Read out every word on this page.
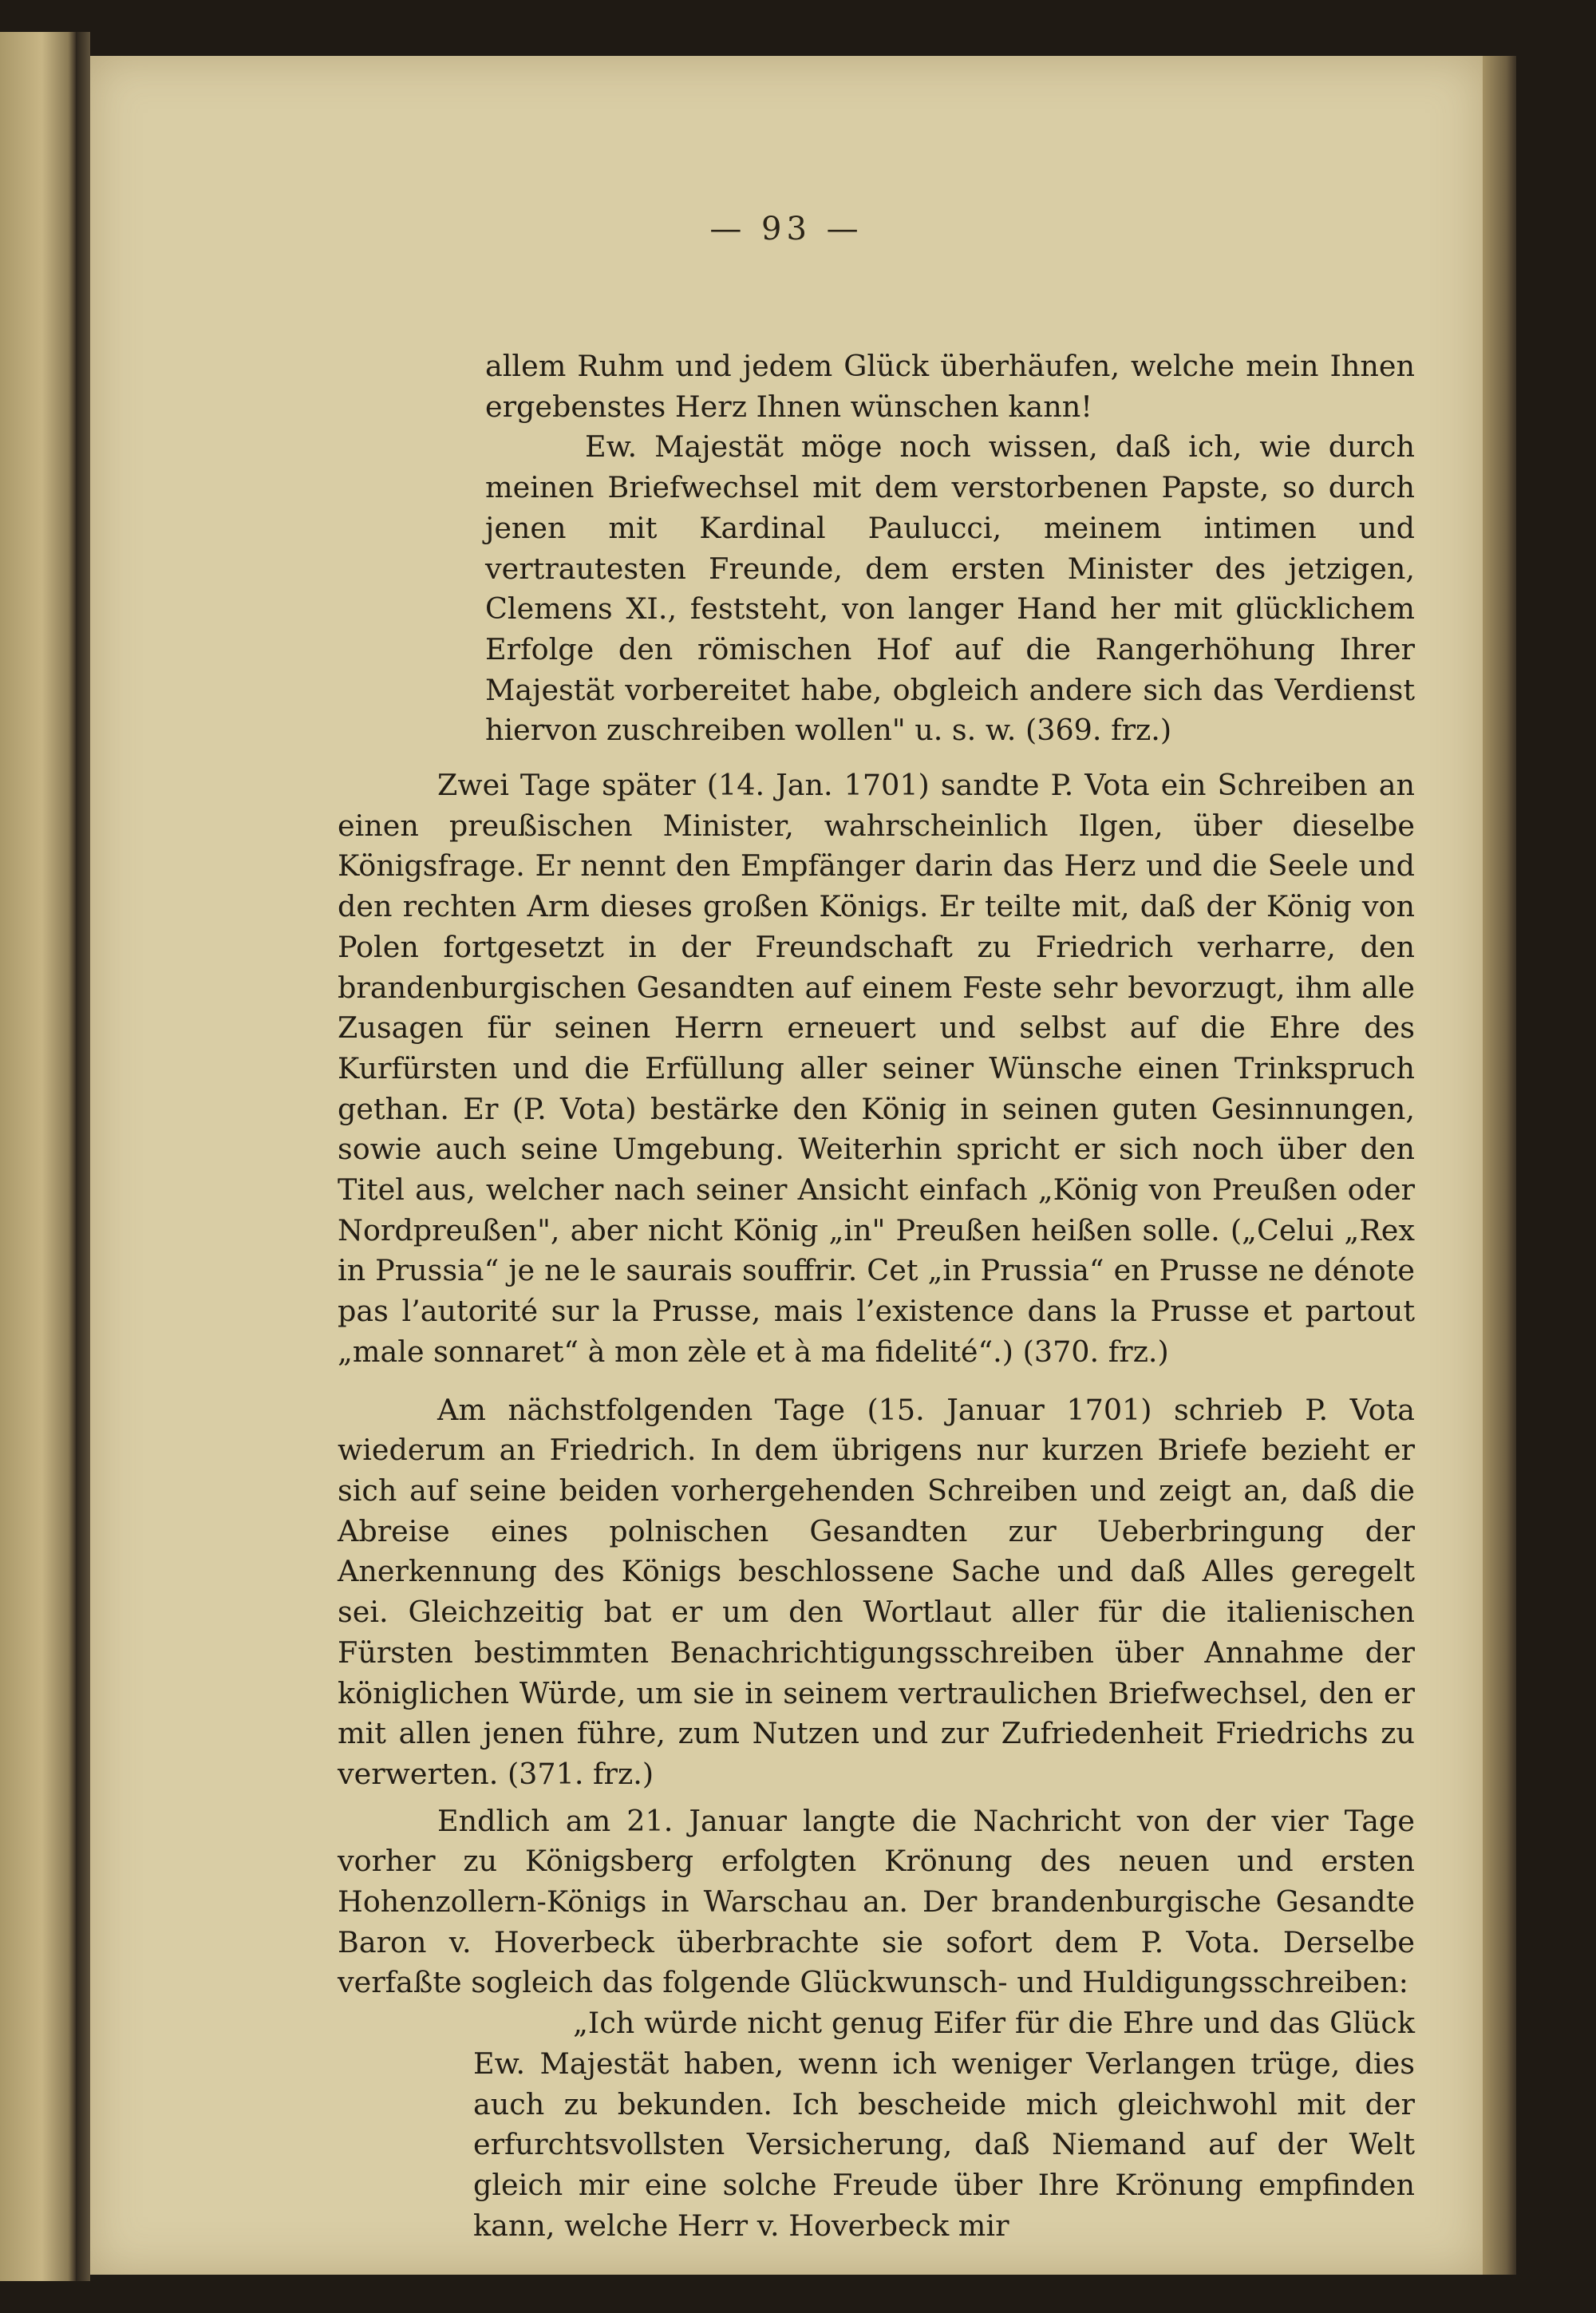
— 93 —

allem Ruhm und jedem Glück überhäufen, welche mein Ihnen ergebenstes Herz Ihnen wünschen kann!

Ew. Majestät möge noch wissen, daß ich, wie durch meinen Briefwechsel mit dem verstorbenen Papste, so durch jenen mit Kardinal Paulucci, meinem intimen und vertrautesten Freunde, dem ersten Minister des jetzigen, Clemens XI., feststeht, von langer Hand her mit glücklichem Erfolge den römischen Hof auf die Rangerhöhung Ihrer Majestät vorbereitet habe, obgleich andere sich das Verdienst hiervon zuschreiben wollen" u. s. w. (369. frz.)

Zwei Tage später (14. Jan. 1701) sandte P. Vota ein Schreiben an einen preußischen Minister, wahrscheinlich Ilgen, über dieselbe Königsfrage. Er nennt den Empfänger darin das Herz und die Seele und den rechten Arm dieses großen Königs. Er teilte mit, daß der König von Polen fortgesetzt in der Freundschaft zu Friedrich verharre, den brandenburgischen Gesandten auf einem Feste sehr bevorzugt, ihm alle Zusagen für seinen Herrn erneuert und selbst auf die Ehre des Kurfürsten und die Erfüllung aller seiner Wünsche einen Trinkspruch gethan. Er (P. Vota) bestärke den König in seinen guten Gesinnungen, sowie auch seine Umgebung. Weiterhin spricht er sich noch über den Titel aus, welcher nach seiner Ansicht einfach „König von Preußen oder Nordpreußen", aber nicht König „in" Preußen heißen solle. („Celui „Rex in Prussia“ je ne le saurais souffrir. Cet „in Prussia“ en Prusse ne dénote pas l’autorité sur la Prusse, mais l’existence dans la Prusse et partout „male sonnaret“ à mon zèle et à ma fidelité“.) (370. frz.)

Am nächstfolgenden Tage (15. Januar 1701) schrieb P. Vota wiederum an Friedrich. In dem übrigens nur kurzen Briefe bezieht er sich auf seine beiden vorhergehenden Schreiben und zeigt an, daß die Abreise eines polnischen Gesandten zur Ueberbringung der Anerkennung des Königs beschlossene Sache und daß Alles geregelt sei. Gleichzeitig bat er um den Wortlaut aller für die italienischen Fürsten bestimmten Benachrichtigungsschreiben über Annahme der königlichen Würde, um sie in seinem vertraulichen Briefwechsel, den er mit allen jenen führe, zum Nutzen und zur Zufriedenheit Friedrichs zu verwerten. (371. frz.)

Endlich am 21. Januar langte die Nachricht von der vier Tage vorher zu Königsberg erfolgten Krönung des neuen und ersten Hohenzollern-Königs in Warschau an. Der brandenburgische Gesandte Baron v. Hoverbeck überbrachte sie sofort dem P. Vota. Derselbe verfaßte sogleich das folgende Glückwunsch- und Huldigungsschreiben:

„Ich würde nicht genug Eifer für die Ehre und das Glück Ew. Majestät haben, wenn ich weniger Verlangen trüge, dies auch zu bekunden. Ich bescheide mich gleichwohl mit der erfurchtsvollsten Versicherung, daß Niemand auf der Welt gleich mir eine solche Freude über Ihre Krönung empfinden kann, welche Herr v. Hoverbeck mir
